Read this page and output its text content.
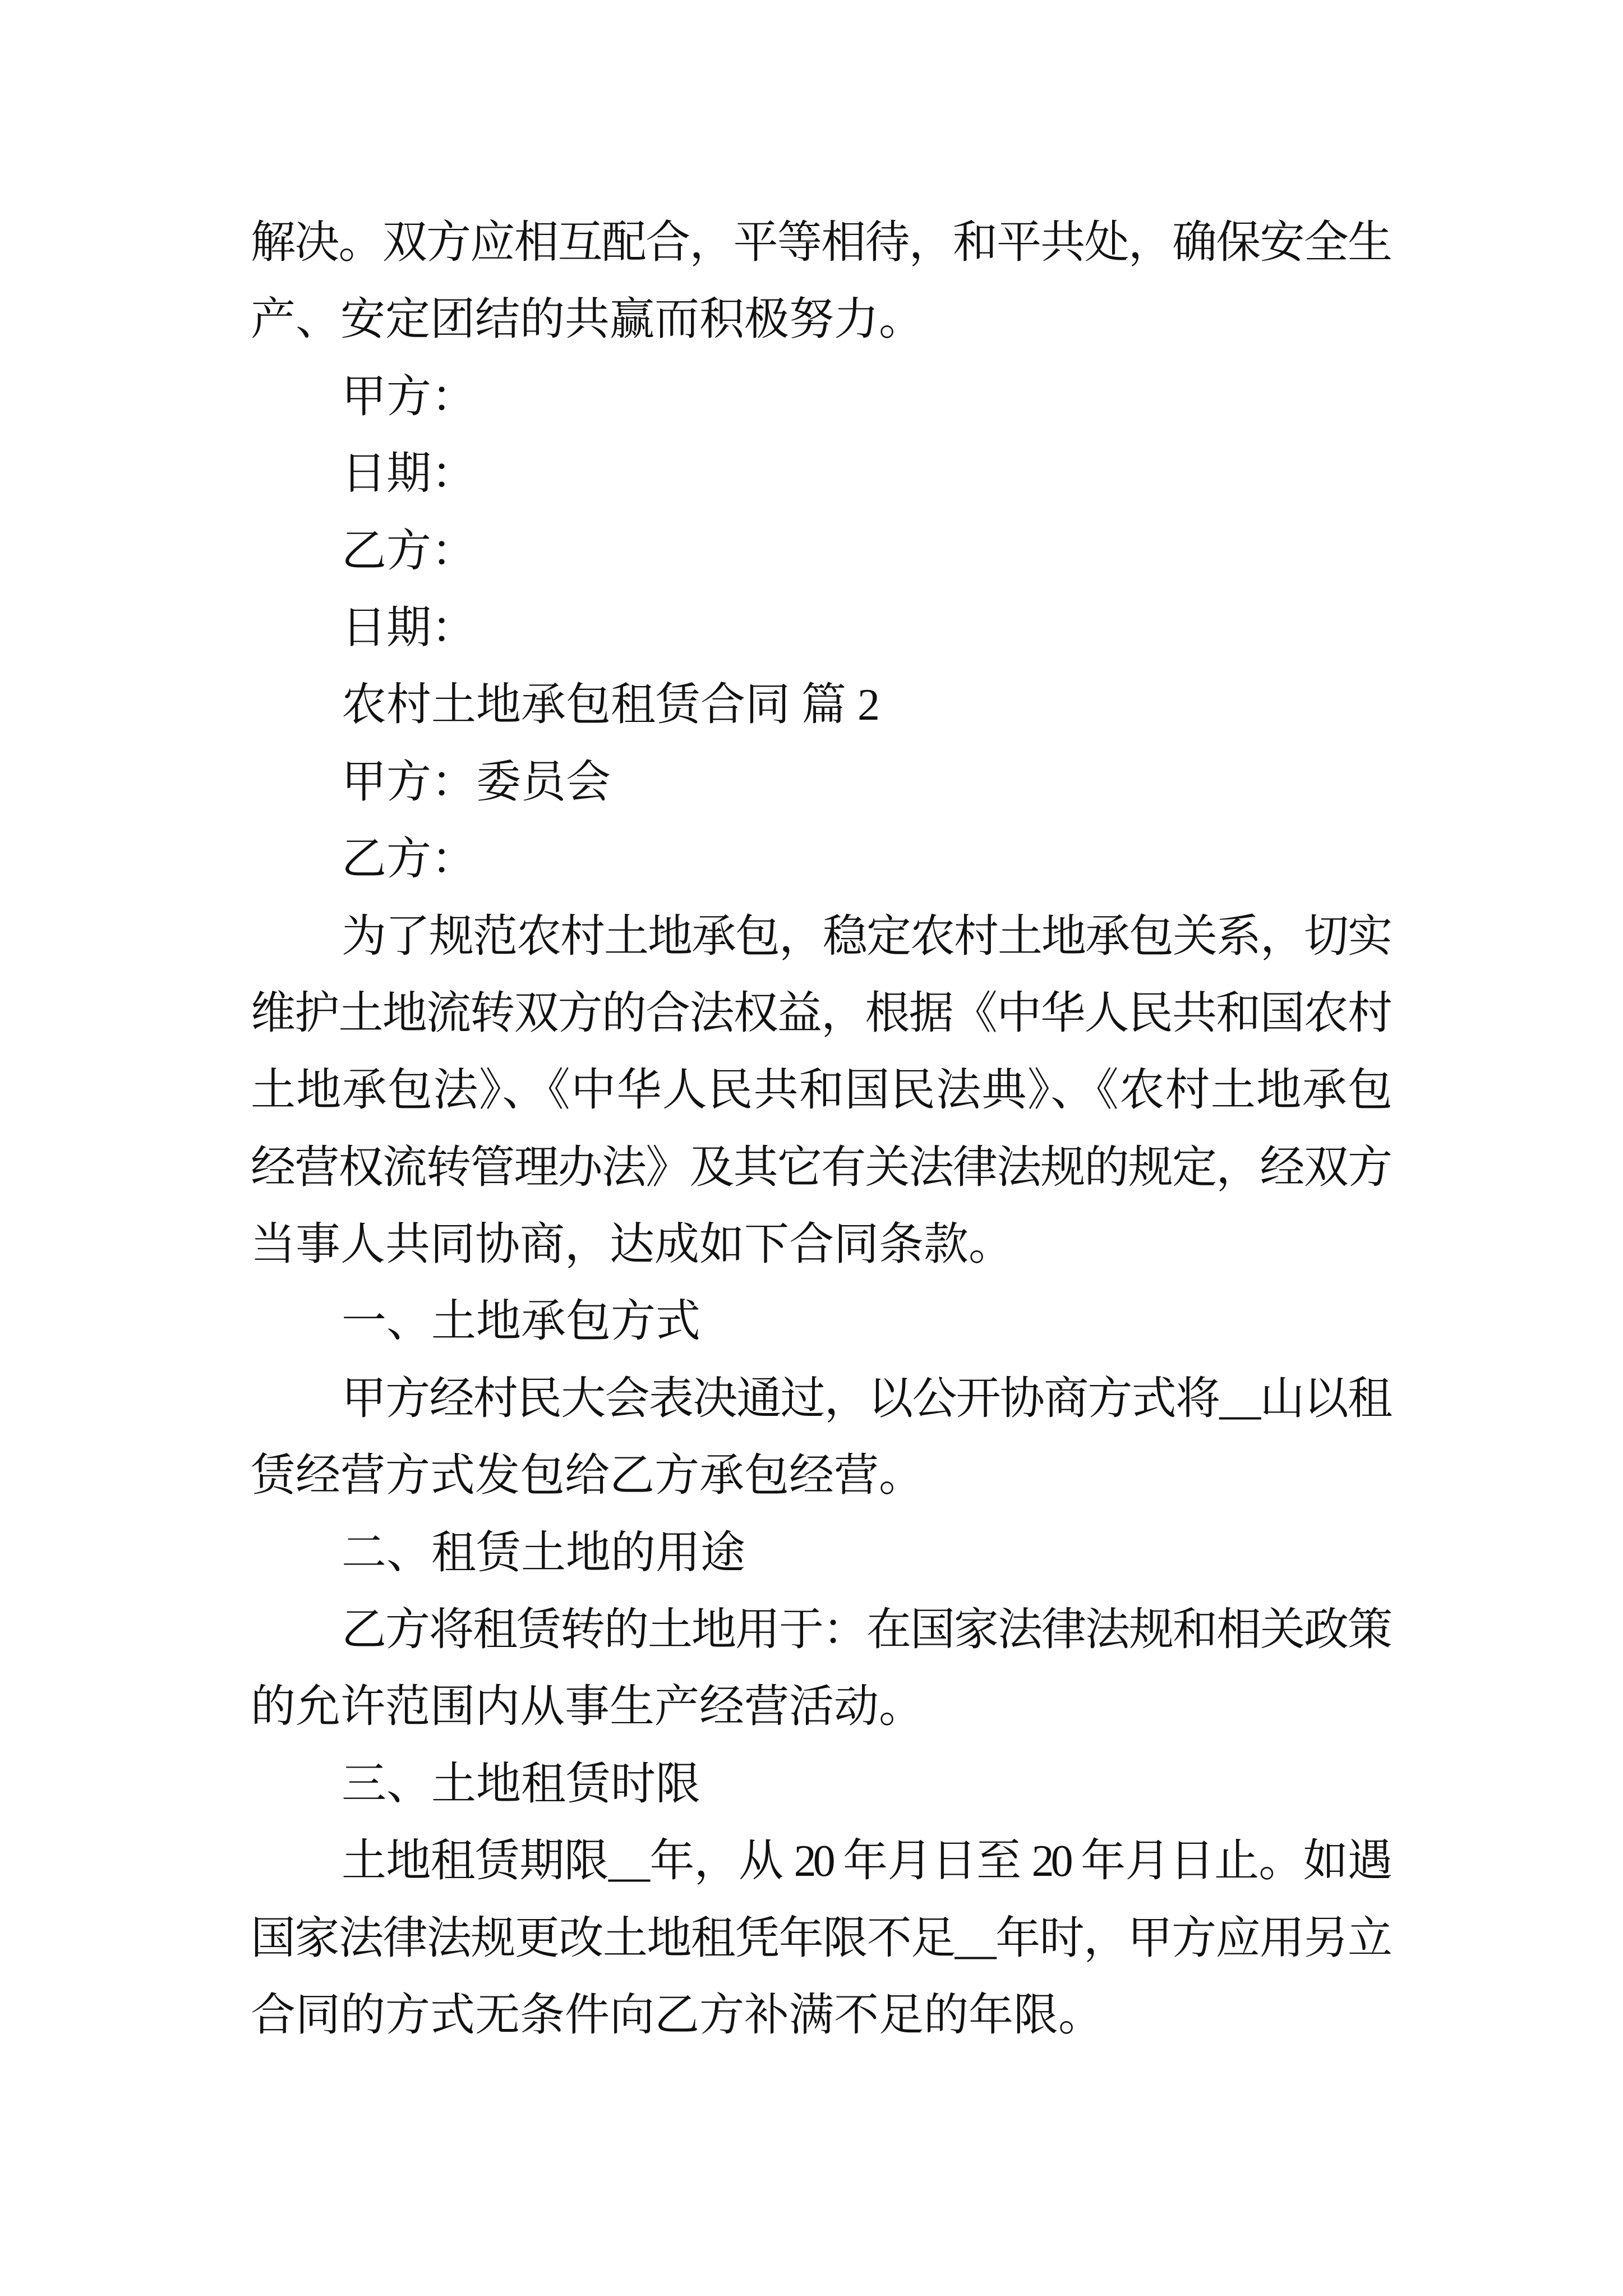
解决。双方应相互配合，平等相待，和平共处，确保安全生
产、安定团结的共赢而积极努力。
甲方：
日期：
乙方：
日期：
农村土地承包租赁合同 篇 2
甲方：委员会
乙方：
为了规范农村土地承包，稳定农村土地承包关系，切实
维护土地流转双方的合法权益，根据《中华人民共和国农村
土地承包法》、《中华人民共和国民法典》、《农村土地承包
经营权流转管理办法》及其它有关法律法规的规定，经双方
当事人共同协商，达成如下合同条款。
一、土地承包方式
甲方经村民大会表决通过，以公开协商方式将__山以租
赁经营方式发包给乙方承包经营。
二、租赁土地的用途
乙方将租赁转的土地用于：在国家法律法规和相关政策
的允许范围内从事生产经营活动。
三、土地租赁时限
土地租赁期限__年，从 20 年月日至 20 年月日止。如遇
国家法律法规更改土地租凭年限不足__年时，甲方应用另立
合同的方式无条件向乙方补满不足的年限。
